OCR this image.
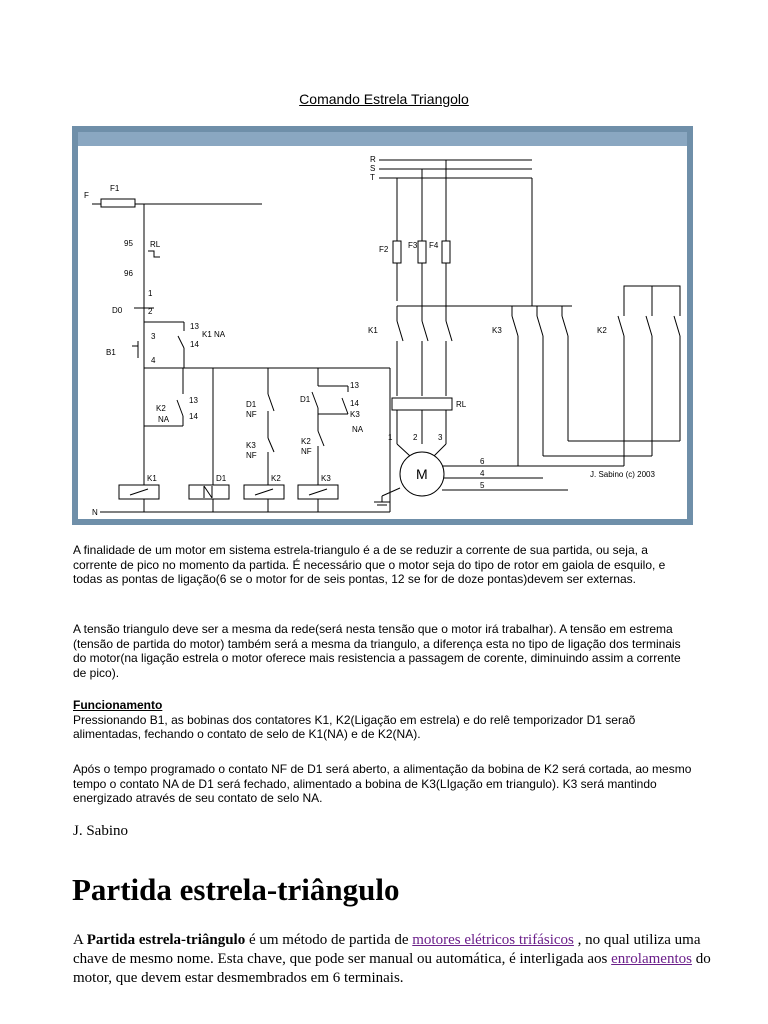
Comando Estrela Triangolo
F
F1
95 RL
96
1
D0	2
13
K1 NA
14
3
B1
4
13
K2
NA 14
D1
NF
K3
NF
D1
13
14
K3
NA
K2
NF
K1	D1	K2	K3
N
R
S
T
F2 F3 F4
K1	K3	K2
RL
1	2	3
6
4
5
M	J. Sabino (c) 2003
A finalidade de um motor em sistema estrela-triangulo é a de se reduzir a corrente de sua partida, ou seja, a corrente de pico no momento da partida. É necessário que o motor seja do tipo de rotor em gaiola de esquilo, e todas as pontas de ligação(6 se o motor for de seis pontas, 12 se for de doze pontas)devem ser externas.
A tensão triangulo deve ser a mesma da rede(será nesta tensão que o motor irá trabalhar). A tensão em estrema (tensão de partida do motor) também será a mesma da triangulo, a diferença esta no tipo de ligação dos terminais do motor(na ligação estrela o motor oferece mais resistencia a passagem de corente, diminuindo assim a corrente de pico).
Funcionamento
Pressionando B1, as bobinas dos contatores K1, K2(Ligação em estrela) e do relê temporizador D1 seraõ alimentadas, fechando o contato de selo de K1(NA) e de K2(NA).
Após o tempo programado o contato NF de D1 será aberto, a alimentação da bobina de K2 será cortada, ao mesmo tempo o contato NA de D1 será fechado, alimentado a bobina de K3(LIgação em triangulo). K3 será mantindo energizado através de seu contato de selo NA.
J. Sabino
Partida estrela-triângulo
A Partida estrela-triângulo é um método de partida de motores elétricos trifásicos , no qual utiliza uma chave de mesmo nome. Esta chave, que pode ser manual ou automática, é interligada aos enrolamentos do motor, que devem estar desmembrados em 6 terminais.
